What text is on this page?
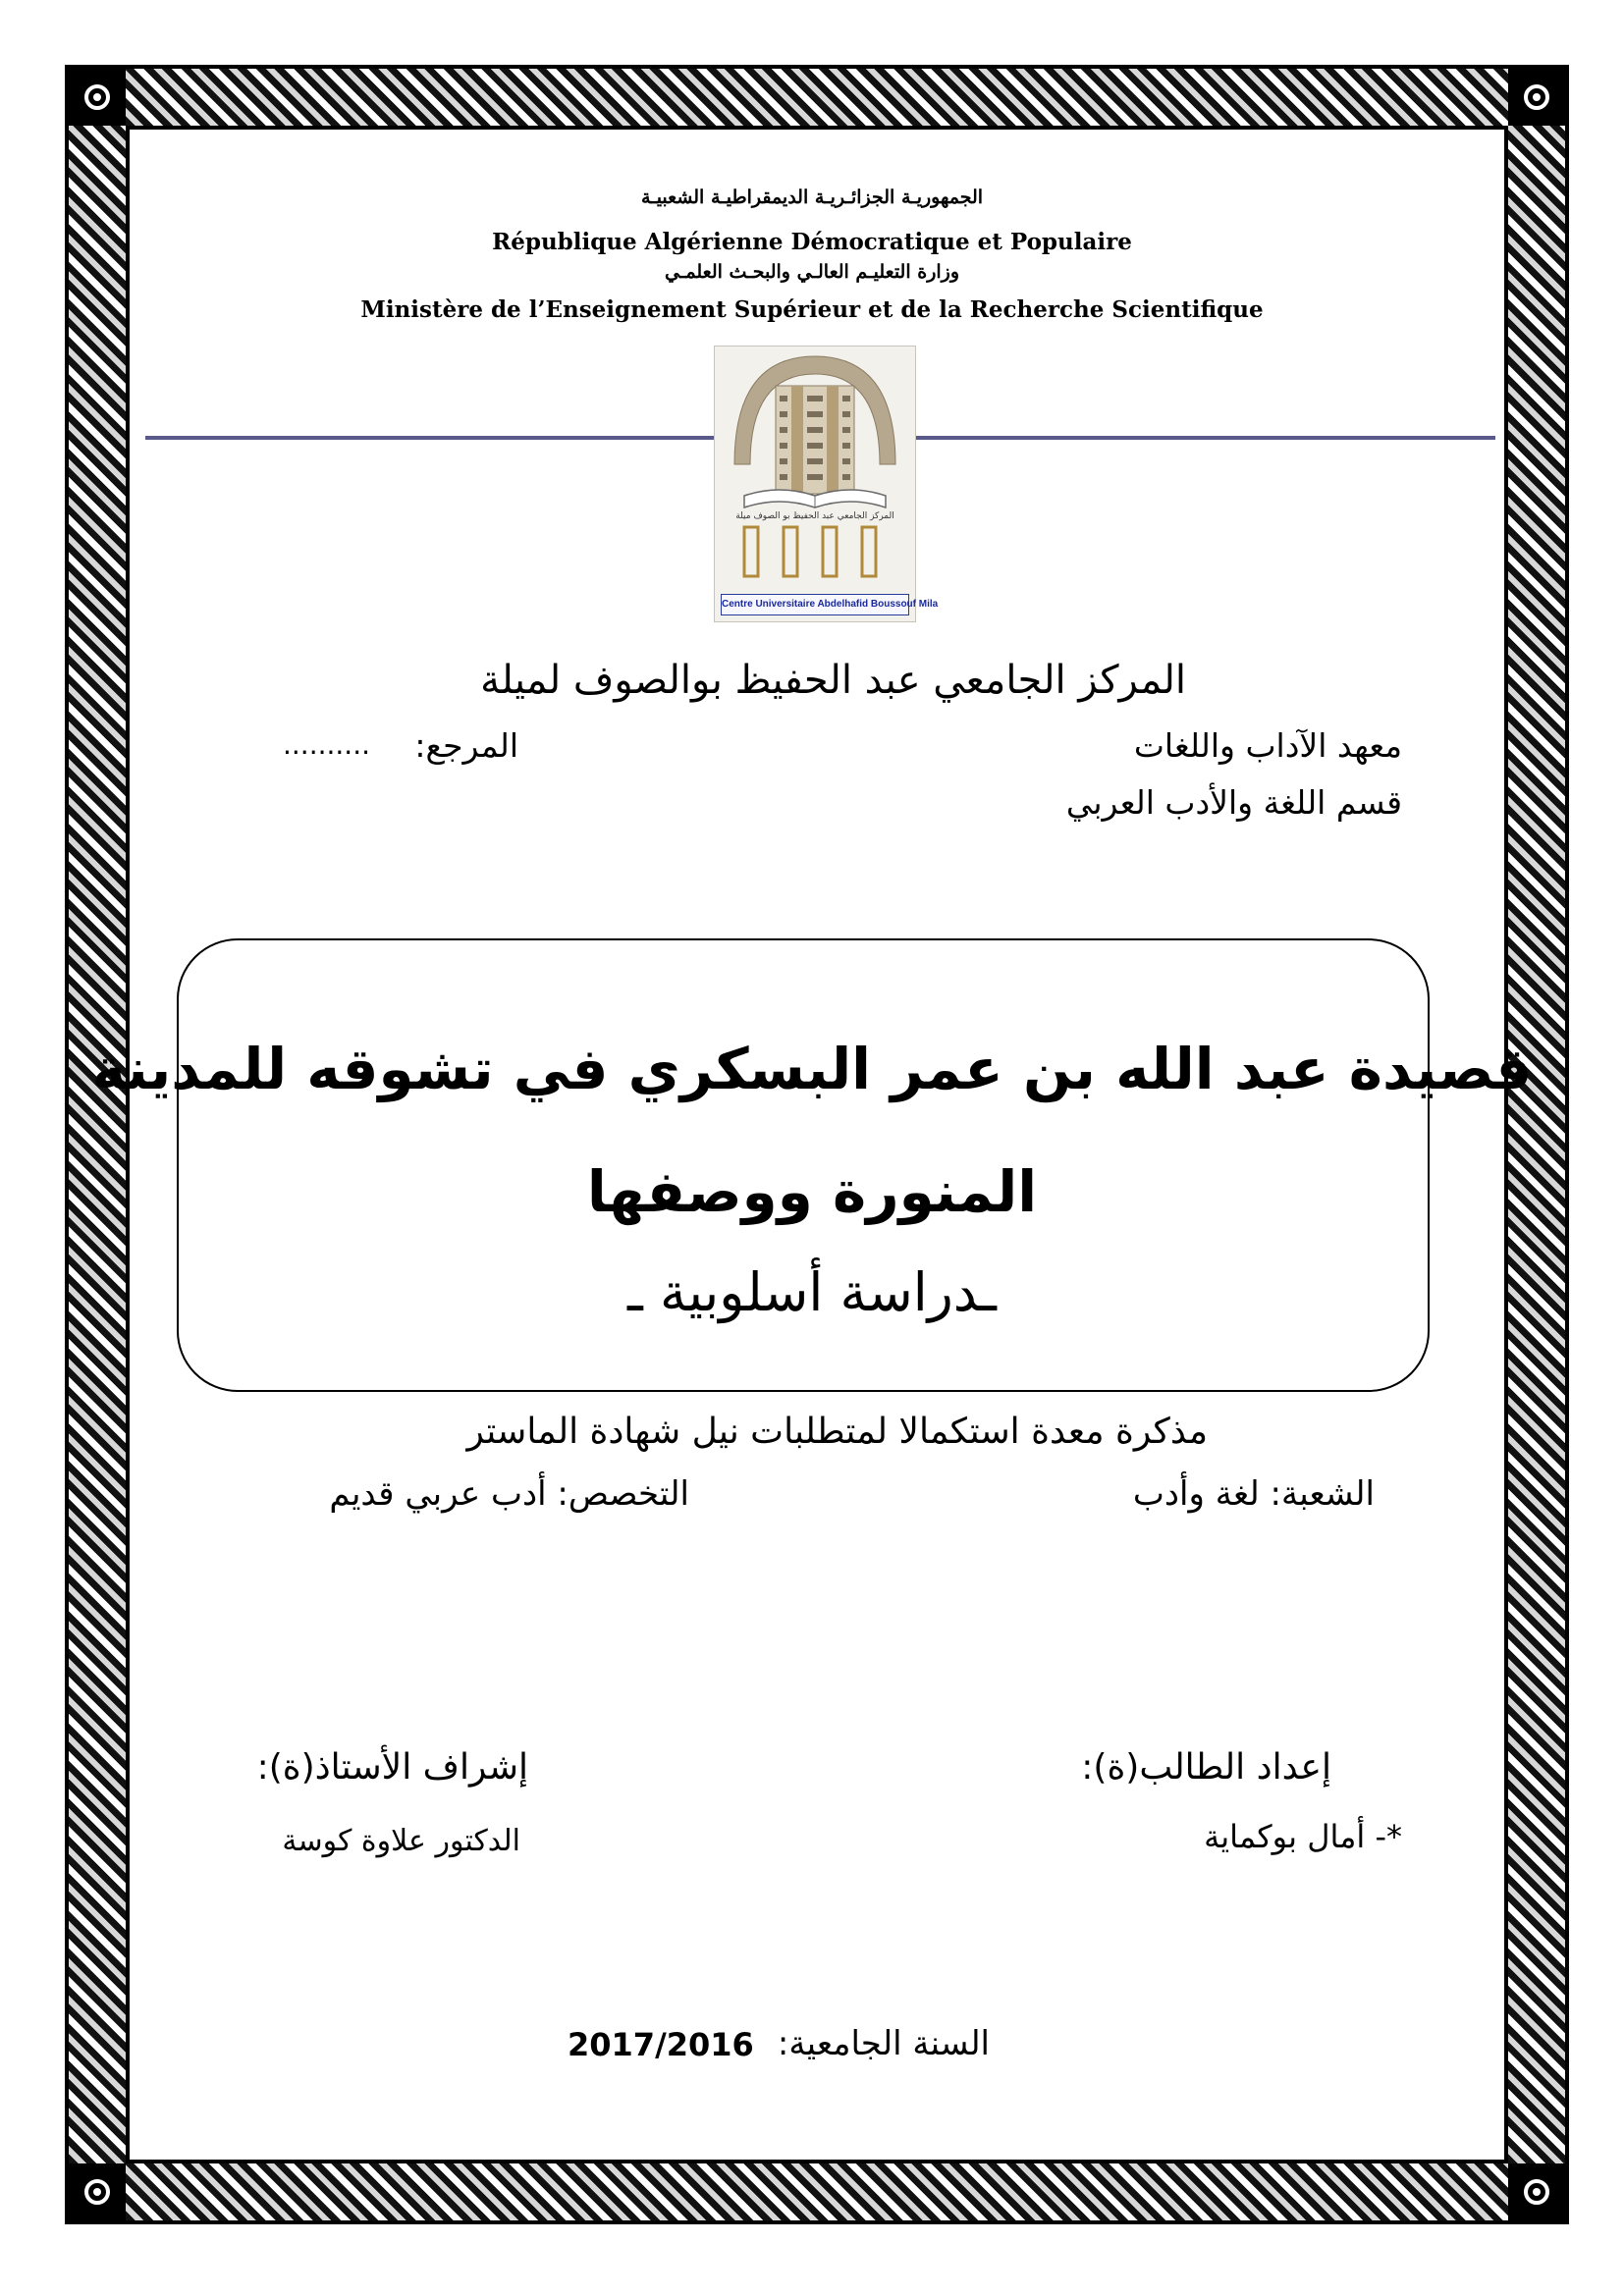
الجمهوريـة الجزائـريـة الديمقراطيـة الشعبيـة
République Algérienne Démocratique et Populaire
وزارة التعليـم العالـي والبحـث العلمـي
Ministère de l’Enseignement Supérieur et de la Recherche Scientifique
المركز الجامعي عبد الحفيظ بو الصوف ميلة
Centre Universitaire Abdelhafid Boussouf Mila
المركز الجامعي عبد الحفيظ بوالصوف لميلة
معهد الآداب واللغات
المرجع:
..........
قسم اللغة والأدب العربي
قصيدة عبد الله بن عمر البسكري في تشوقه للمدينة
المنورة ووصفها
ـدراسة أسلوبية ـ
مذكرة معدة استكمالا لمتطلبات نيل شهادة الماستر
الشعبة: لغة وأدب
التخصص: أدب عربي قديم
إعداد الطالب(ة):
إشراف الأستاذ(ة):
*- أمال بوكماية
الدكتور علاوة كوسة
السنة الجامعية:
2017/2016
